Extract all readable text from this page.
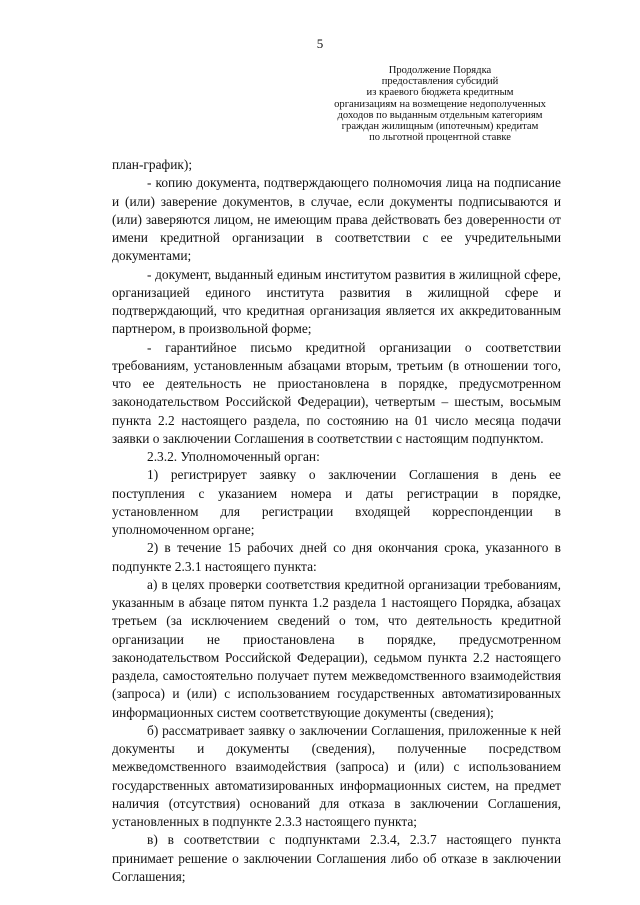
5
Продолжение Порядка
предоставления субсидий
из краевого бюджета кредитным
организациям на возмещение недополученных
доходов по выданным отдельным категориям
граждан жилищным (ипотечным) кредитам
по льготной процентной ставке

план-график);

- копию документа, подтверждающего полномочия лица на подписание и (или) заверение документов, в случае, если документы подписываются и (или) заверяются лицом, не имеющим права действовать без доверенности от имени кредитной организации в соответствии с ее учредительными документами;

- документ, выданный единым институтом развития в жилищной сфере, организацией единого института развития в жилищной сфере и подтверждающий, что кредитная организация является их аккредитованным партнером, в произвольной форме;

- гарантийное письмо кредитной организации о соответствии требованиям, установленным абзацами вторым, третьим (в отношении того, что ее деятельность не приостановлена в порядке, предусмотренном законодательством Российской Федерации), четвертым – шестым, восьмым пункта 2.2 настоящего раздела, по состоянию на 01 число месяца подачи заявки о заключении Соглашения в соответствии с настоящим подпунктом.

2.3.2. Уполномоченный орган:

1) регистрирует заявку о заключении Соглашения в день ее поступления с указанием номера и даты регистрации в порядке, установленном для регистрации входящей корреспонденции в уполномоченном органе;

2) в течение 15 рабочих дней со дня окончания срока, указанного в подпункте 2.3.1 настоящего пункта:

а) в целях проверки соответствия кредитной организации требованиям, указанным в абзаце пятом пункта 1.2 раздела 1 настоящего Порядка, абзацах третьем (за исключением сведений о том, что деятельность кредитной организации не приостановлена в порядке, предусмотренном законодательством Российской Федерации), седьмом пункта 2.2 настоящего раздела, самостоятельно получает путем межведомственного взаимодействия (запроса) и (или) с использованием государственных автоматизированных информационных систем соответствующие документы (сведения);

б) рассматривает заявку о заключении Соглашения, приложенные к ней документы и документы (сведения), полученные посредством межведомственного взаимодействия (запроса) и (или) с использованием государственных автоматизированных информационных систем, на предмет наличия (отсутствия) оснований для отказа в заключении Соглашения, установленных в подпункте 2.3.3 настоящего пункта;

в) в соответствии с подпунктами 2.3.4, 2.3.7 настоящего пункта принимает решение о заключении Соглашения либо об отказе в заключении Соглашения;
